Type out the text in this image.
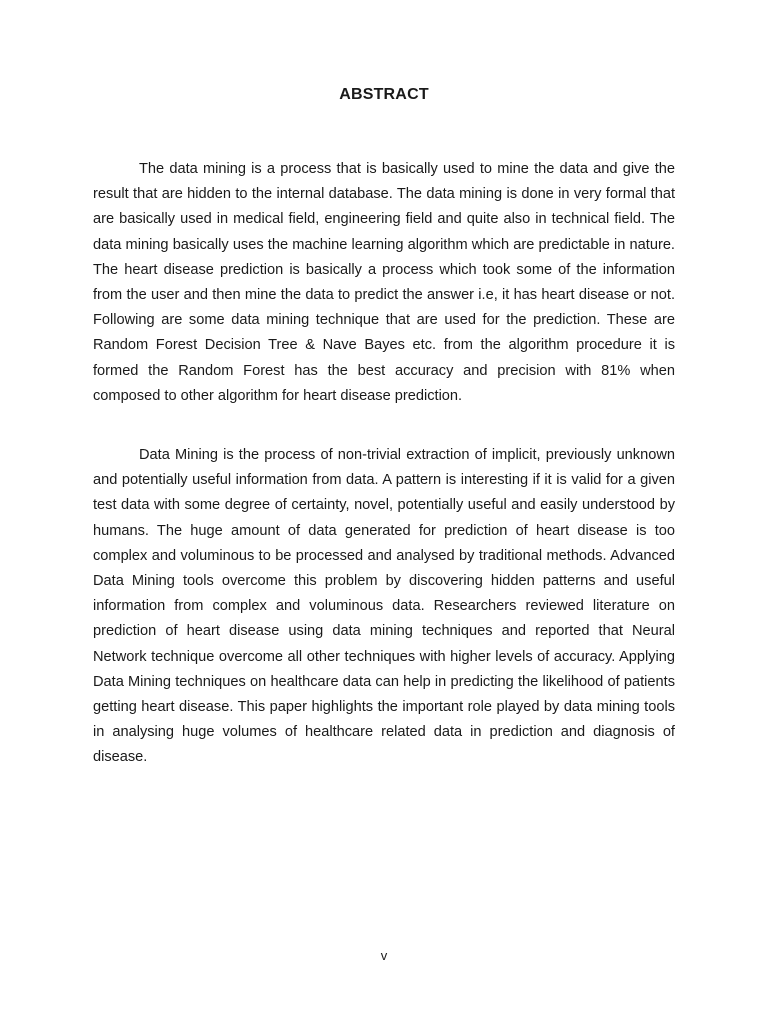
ABSTRACT

The data mining is a process that is basically used to mine the data and give the result that are hidden to the internal database. The data mining is done in very formal that are basically used in medical field, engineering field and quite also in technical field. The data mining basically uses the machine learning algorithm which are predictable in nature. The heart disease prediction is basically a process which took some of the information from the user and then mine the data to predict the answer i.e, it has heart disease or not. Following are some data mining technique that are used for the prediction. These are Random Forest Decision Tree & Nave Bayes etc. from the algorithm procedure it is formed the Random Forest has the best accuracy and precision with 81% when composed to other algorithm for heart disease prediction.

Data Mining is the process of non-trivial extraction of implicit, previously unknown and potentially useful information from data. A pattern is interesting if it is valid for a given test data with some degree of certainty, novel, potentially useful and easily understood by humans. The huge amount of data generated for prediction of heart disease is too complex and voluminous to be processed and analysed by traditional methods. Advanced Data Mining tools overcome this problem by discovering hidden patterns and useful information from complex and voluminous data. Researchers reviewed literature on prediction of heart disease using data mining techniques and reported that Neural Network technique overcome all other techniques with higher levels of accuracy. Applying Data Mining techniques on healthcare data can help in predicting the likelihood of patients getting heart disease. This paper highlights the important role played by data mining tools in analysing huge volumes of healthcare related data in prediction and diagnosis of disease.

v
